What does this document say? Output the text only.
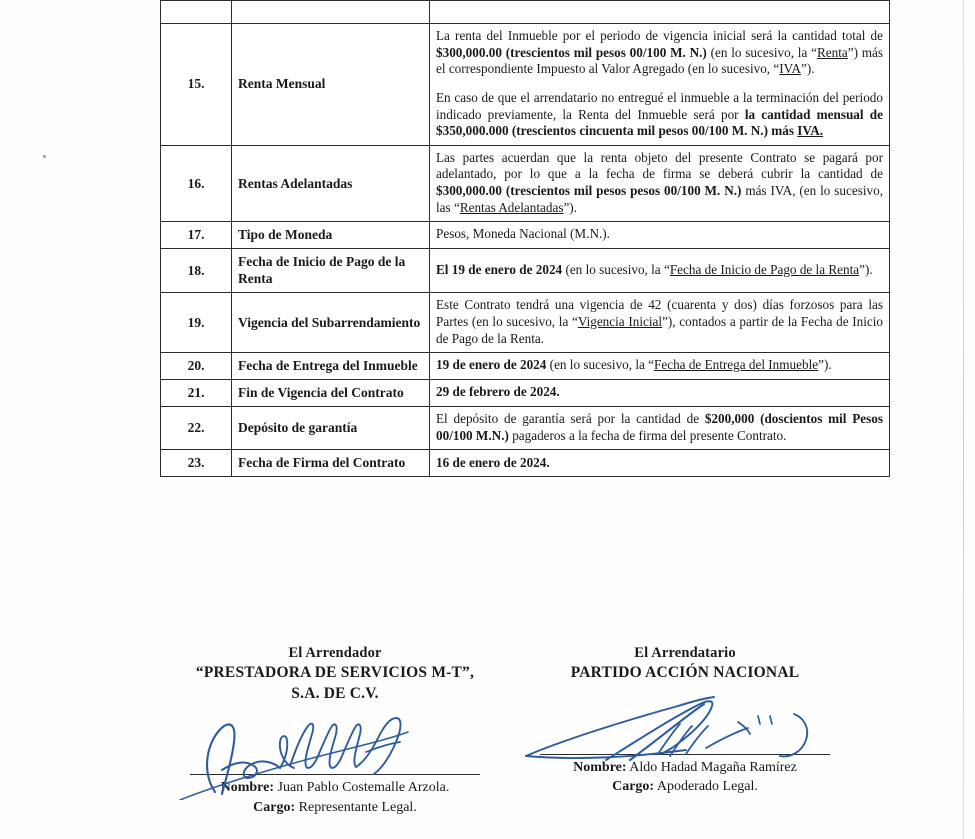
15.	Renta Mensual	La renta del Inmueble por el periodo de vigencia inicial será la cantidad total de $300,000.00 (trescientos mil pesos 00/100 M. N.) (en lo sucesivo, la “Renta”) más el correspondiente Impuesto al Valor Agregado (en lo sucesivo, “IVA”).

En caso de que el arrendatario no entregué el inmueble a la terminación del periodo indicado previamente, la Renta del Inmueble será por la cantidad mensual de $350,000.000 (trescientos cincuenta mil pesos 00/100 M. N.) más IVA.

16.	Rentas Adelantadas	Las partes acuerdan que la renta objeto del presente Contrato se pagará por adelantado, por lo que a la fecha de firma se deberá cubrir la cantidad de $300,000.00 (trescientos mil pesos pesos 00/100 M. N.) más IVA, (en lo sucesivo, las “Rentas Adelantadas”).

17.	Tipo de Moneda	Pesos, Moneda Nacional (M.N.).

18.	Fecha de Inicio de Pago de la Renta	El 19 de enero de 2024 (en lo sucesivo, la “Fecha de Inicio de Pago de la Renta”).

19.	Vigencia del Subarrendamiento	Este Contrato tendrá una vigencia de 42 (cuarenta y dos) días forzosos para las Partes (en lo sucesivo, la “Vigencia Inicial”), contados a partir de la Fecha de Inicio de Pago de la Renta.

20.	Fecha de Entrega del Inmueble	19 de enero de 2024 (en lo sucesivo, la “Fecha de Entrega del Inmueble”).

21.	Fin de Vigencia del Contrato	29 de febrero de 2024.

22.	Depósito de garantía	El depósito de garantía será por la cantidad de $200,000 (doscientos mil Pesos 00/100 M.N.) pagaderos a la fecha de firma del presente Contrato.

23.	Fecha de Firma del Contrato	16 de enero de 2024.

El Arrendador
“PRESTADORA DE SERVICIOS M-T”,
S.A. DE C.V.
Nombre: Juan Pablo Costemalle Arzola.
Cargo: Representante Legal.
El Arrendatario
PARTIDO ACCIÓN NACIONAL
Nombre: Aldo Hadad Magaña Ramírez
Cargo: Apoderado Legal.
